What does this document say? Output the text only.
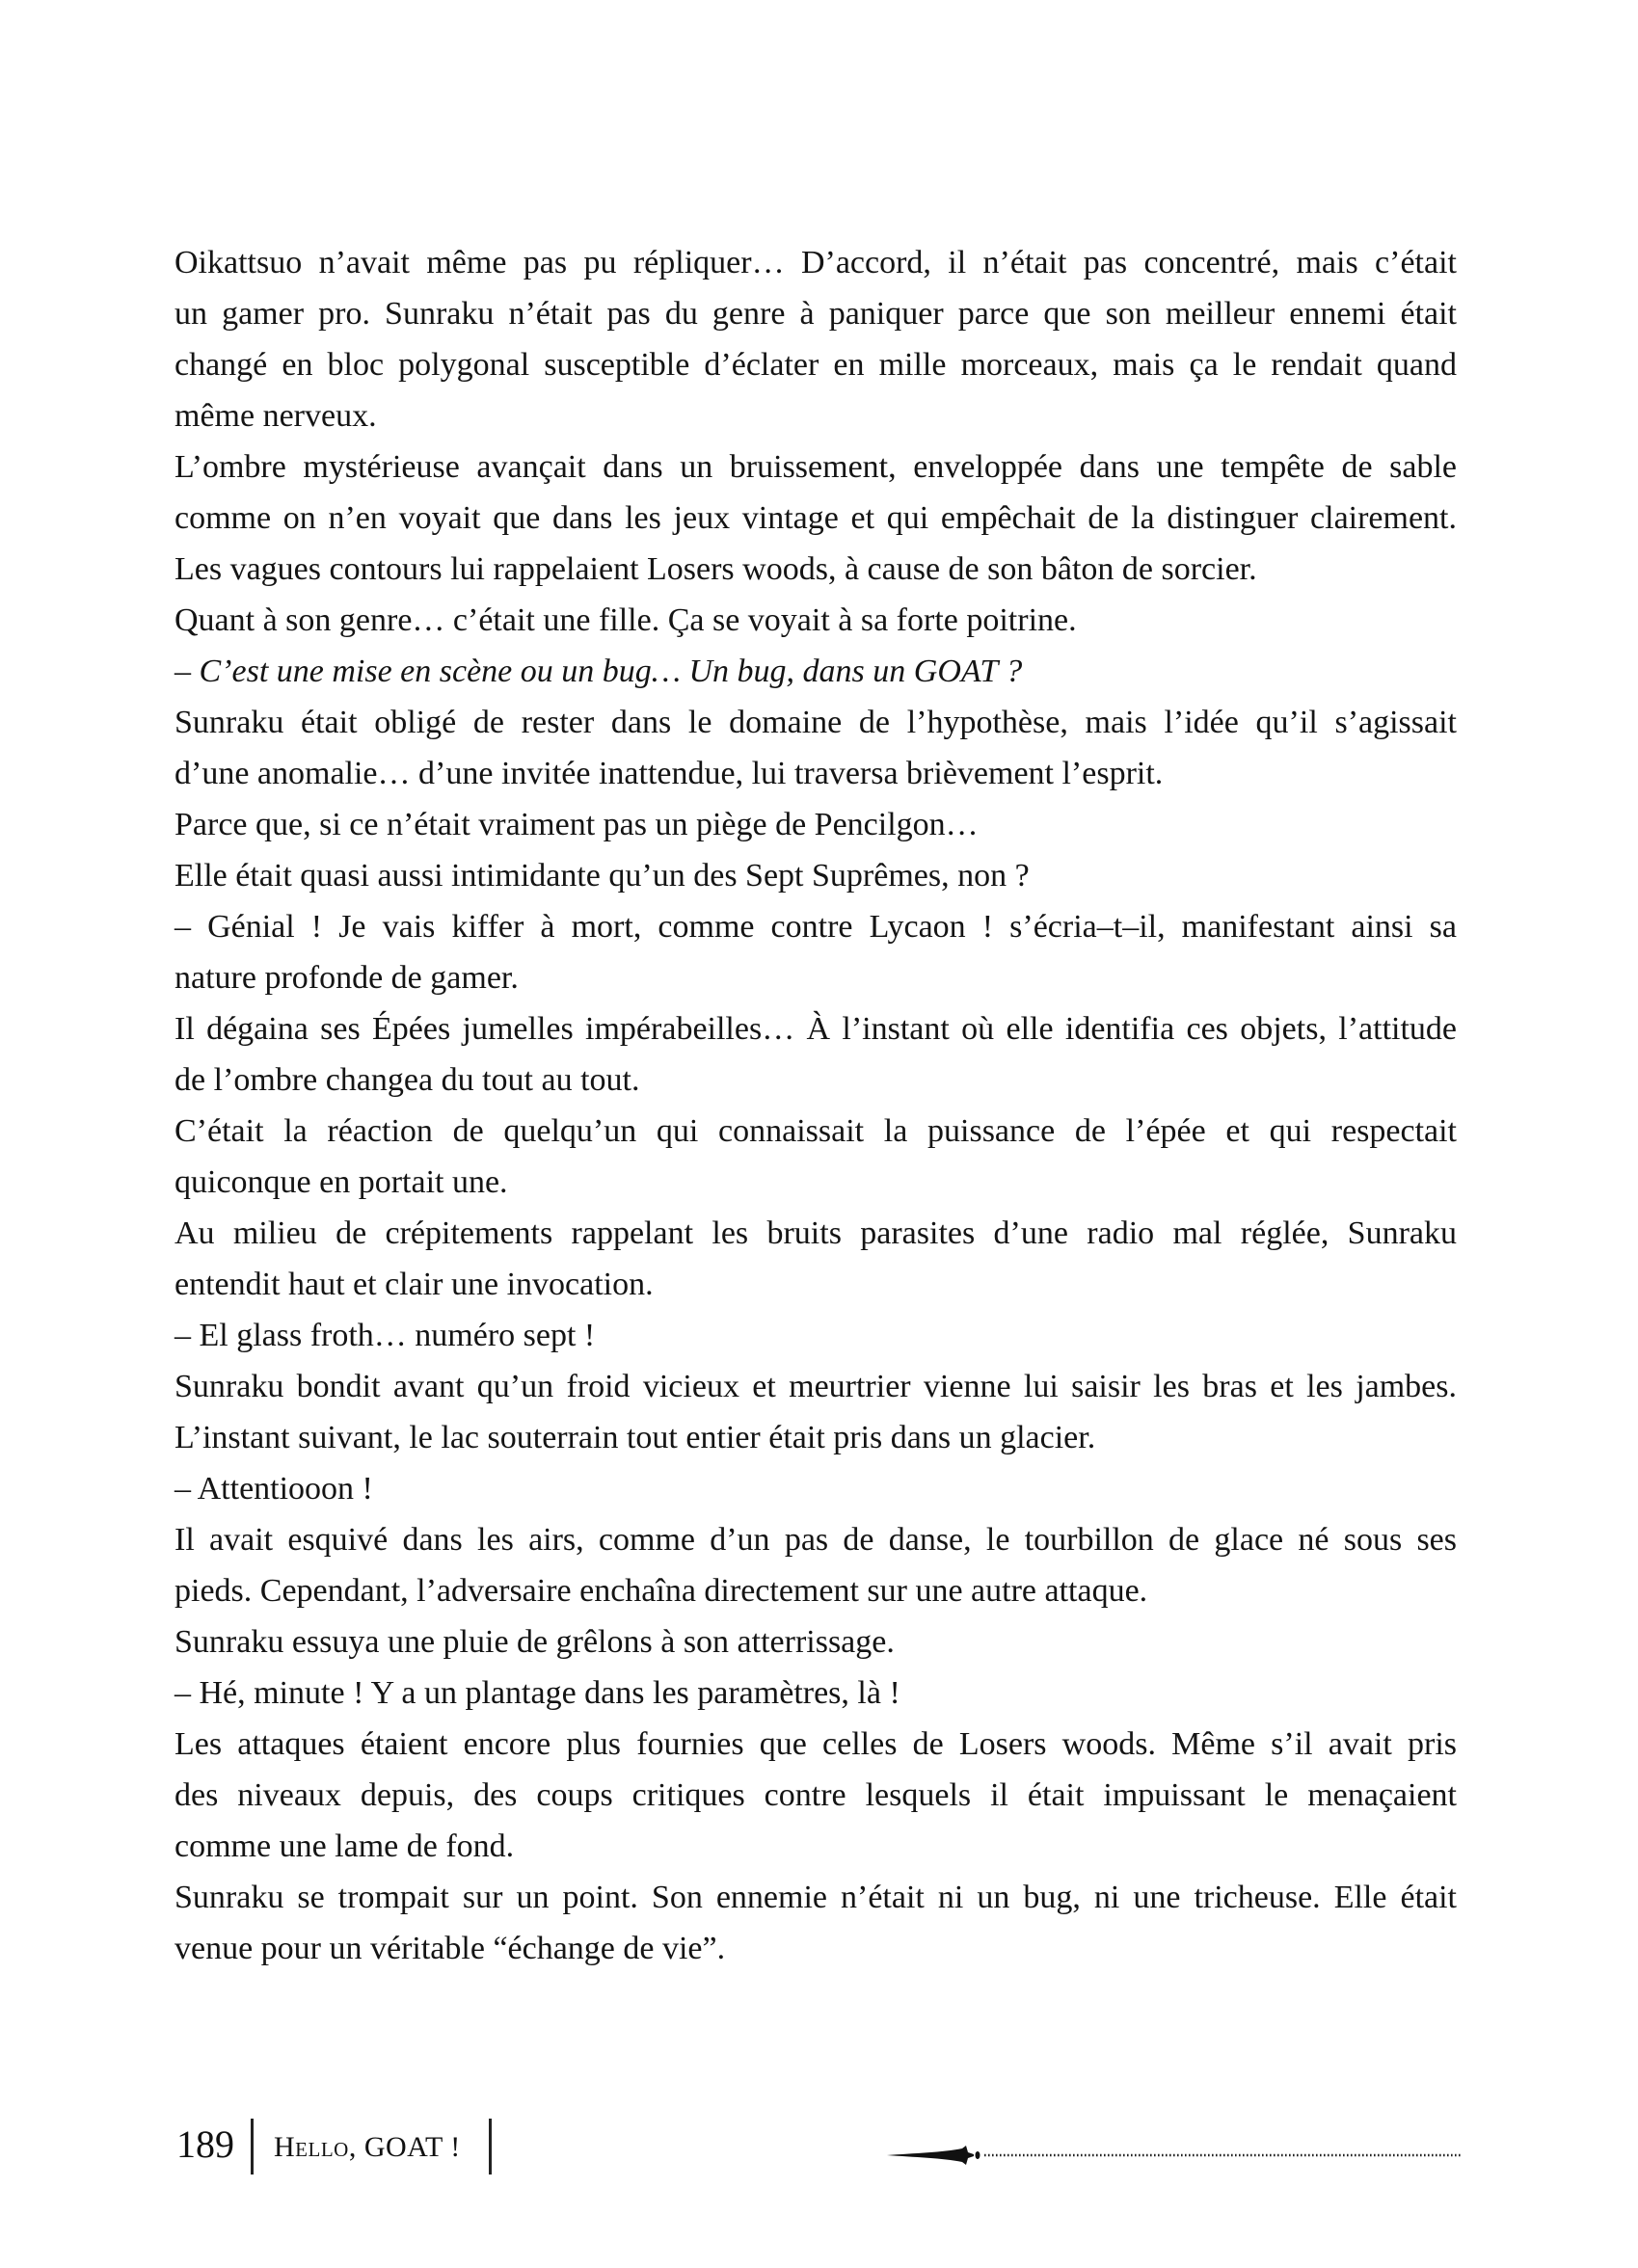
Oikattsuo n’avait même pas pu répliquer… D’accord, il n’était pas concentré, mais c’était
un gamer pro. Sunraku n’était pas du genre à paniquer parce que son meilleur ennemi était
changé en bloc polygonal susceptible d’éclater en mille morceaux, mais ça le rendait quand
même nerveux.
L’ombre mystérieuse avançait dans un bruissement, enveloppée dans une tempête de sable
comme on n’en voyait que dans les jeux vintage et qui empêchait de la distinguer clairement.
Les vagues contours lui rappelaient Losers woods, à cause de son bâton de sorcier.
Quant à son genre… c’était une fille. Ça se voyait à sa forte poitrine.
– C’est une mise en scène ou un bug… Un bug, dans un GOAT ?
Sunraku était obligé de rester dans le domaine de l’hypothèse, mais l’idée qu’il s’agissait
d’une anomalie… d’une invitée inattendue, lui traversa brièvement l’esprit.
Parce que, si ce n’était vraiment pas un piège de Pencilgon…
Elle était quasi aussi intimidante qu’un des Sept Suprêmes, non ?
– Génial ! Je vais kiffer à mort, comme contre Lycaon ! s’écria–t–il, manifestant ainsi sa
nature profonde de gamer.
Il dégaina ses Épées jumelles impérabeilles… À l’instant où elle identifia ces objets, l’attitude
de l’ombre changea du tout au tout.
C’était la réaction de quelqu’un qui connaissait la puissance de l’épée et qui respectait
quiconque en portait une.
Au milieu de crépitements rappelant les bruits parasites d’une radio mal réglée, Sunraku
entendit haut et clair une invocation.
– El glass froth… numéro sept !
Sunraku bondit avant qu’un froid vicieux et meurtrier vienne lui saisir les bras et les jambes.
L’instant suivant, le lac souterrain tout entier était pris dans un glacier.
– Attentiooon !
Il avait esquivé dans les airs, comme d’un pas de danse, le tourbillon de glace né sous ses
pieds. Cependant, l’adversaire enchaîna directement sur une autre attaque.
Sunraku essuya une pluie de grêlons à son atterrissage.
– Hé, minute ! Y a un plantage dans les paramètres, là !
Les attaques étaient encore plus fournies que celles de Losers woods. Même s’il avait pris
des niveaux depuis, des coups critiques contre lesquels il était impuissant le menaçaient
comme une lame de fond.
Sunraku se trompait sur un point. Son ennemie n’était ni un bug, ni une tricheuse. Elle était
venue pour un véritable “échange de vie”.
189 Hello, GOAT !
